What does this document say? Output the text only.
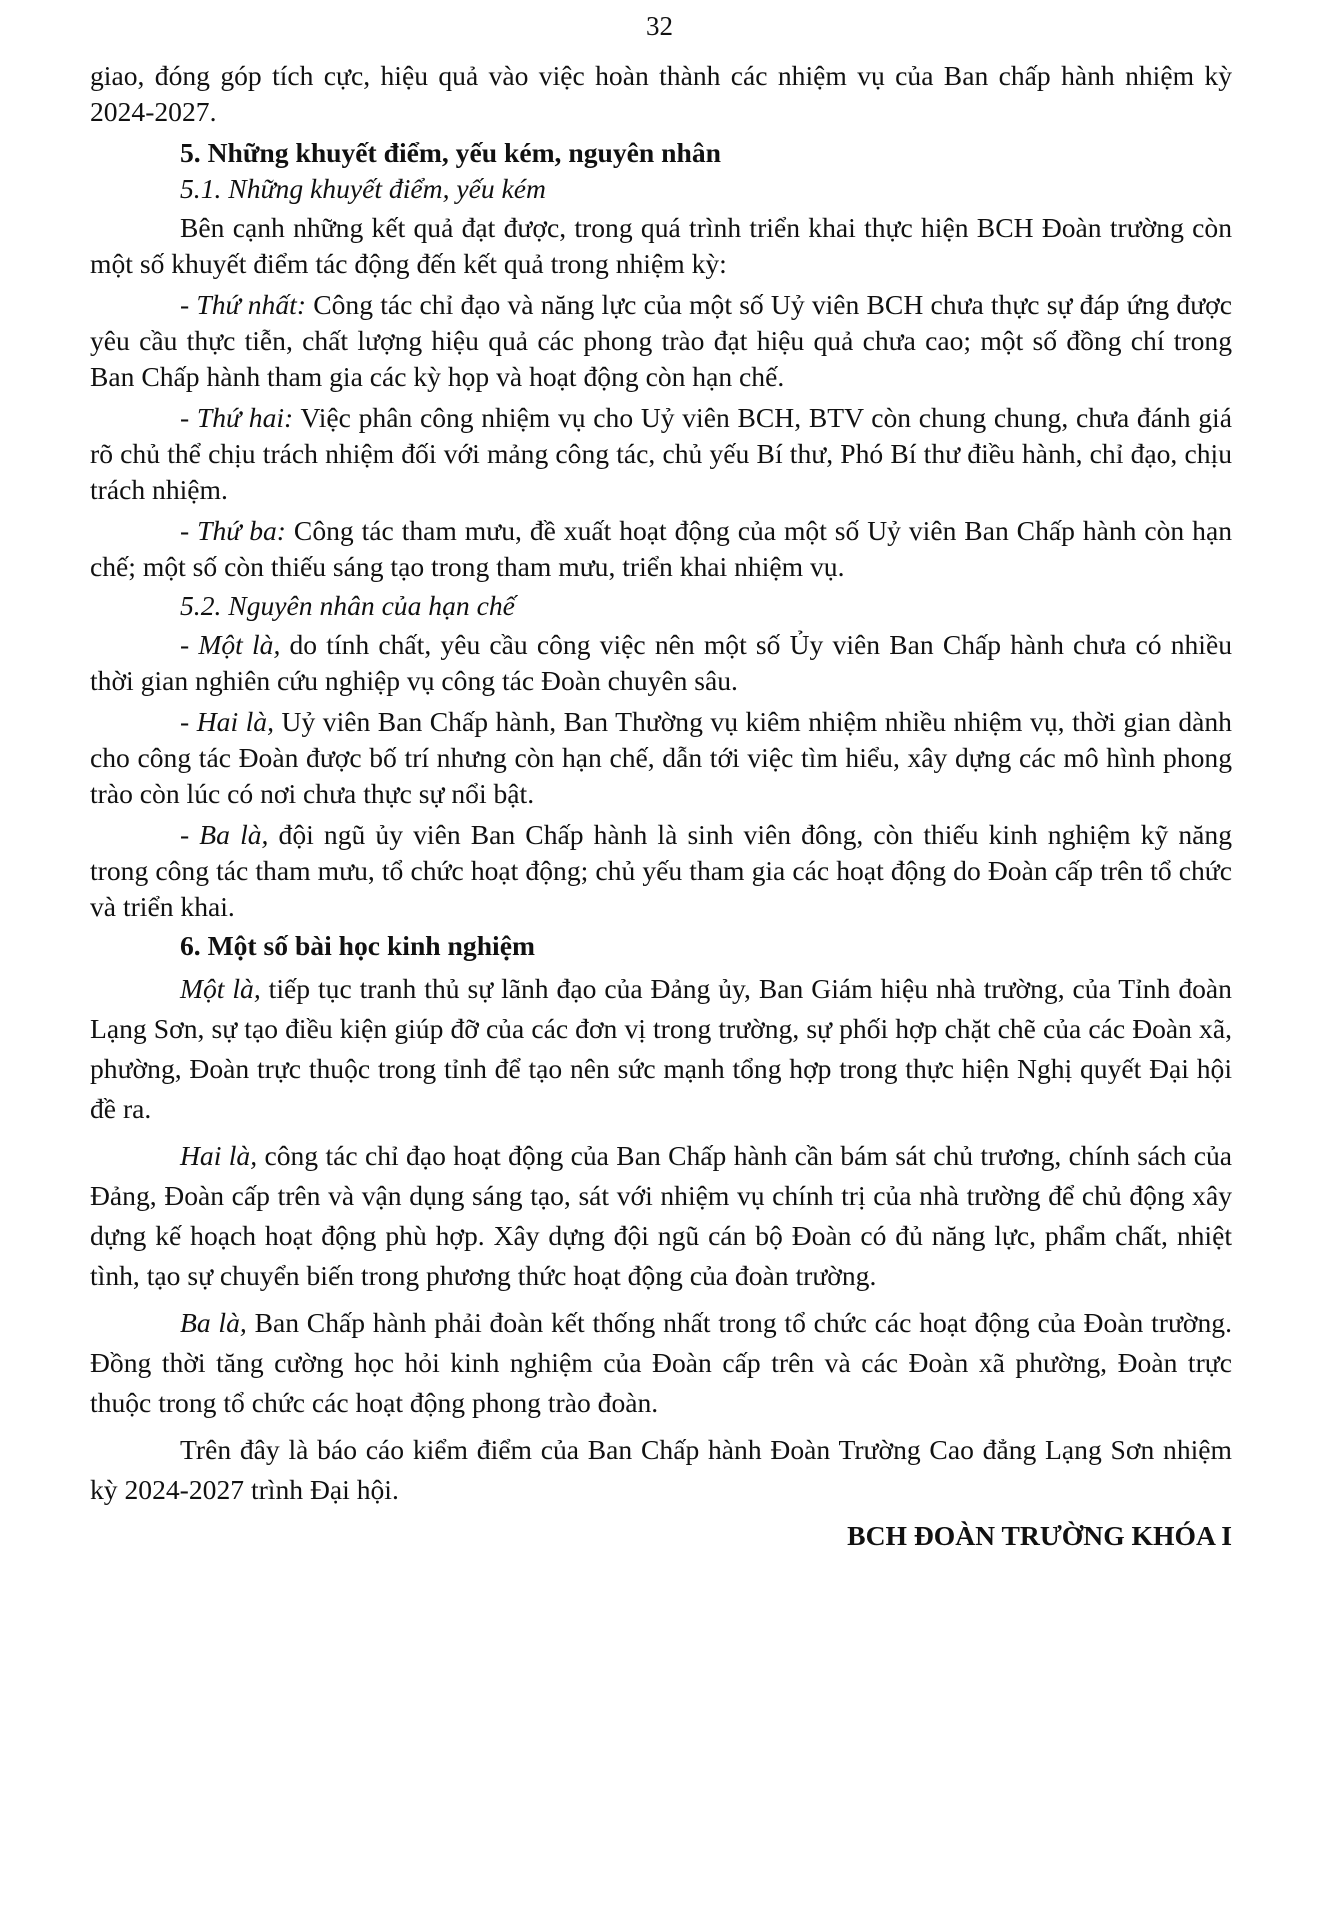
32

giao, đóng góp tích cực, hiệu quả vào việc hoàn thành các nhiệm vụ của Ban chấp hành nhiệm kỳ 2024-2027.

5. Những khuyết điểm, yếu kém, nguyên nhân

5.1. Những khuyết điểm, yếu kém

Bên cạnh những kết quả đạt được, trong quá trình triển khai thực hiện BCH Đoàn trường còn một số khuyết điểm tác động đến kết quả trong nhiệm kỳ:

- Thứ nhất: Công tác chỉ đạo và năng lực của một số Uỷ viên BCH chưa thực sự đáp ứng được yêu cầu thực tiễn, chất lượng hiệu quả các phong trào đạt hiệu quả chưa cao; một số đồng chí trong Ban Chấp hành tham gia các kỳ họp và hoạt động còn hạn chế.

- Thứ hai: Việc phân công nhiệm vụ cho Uỷ viên BCH, BTV còn chung chung, chưa đánh giá rõ chủ thể chịu trách nhiệm đối với mảng công tác, chủ yếu Bí thư, Phó Bí thư điều hành, chỉ đạo, chịu trách nhiệm.

- Thứ ba: Công tác tham mưu, đề xuất hoạt động của một số Uỷ viên Ban Chấp hành còn hạn chế; một số còn thiếu sáng tạo trong tham mưu, triển khai nhiệm vụ.

5.2. Nguyên nhân của hạn chế

- Một là, do tính chất, yêu cầu công việc nên một số Ủy viên Ban Chấp hành chưa có nhiều thời gian nghiên cứu nghiệp vụ công tác Đoàn chuyên sâu.

- Hai là, Uỷ viên Ban Chấp hành, Ban Thường vụ kiêm nhiệm nhiều nhiệm vụ, thời gian dành cho công tác Đoàn được bố trí nhưng còn hạn chế, dẫn tới việc tìm hiểu, xây dựng các mô hình phong trào còn lúc có nơi chưa thực sự nổi bật.

- Ba là, đội ngũ ủy viên Ban Chấp hành là sinh viên đông, còn thiếu kinh nghiệm kỹ năng trong công tác tham mưu, tổ chức hoạt động; chủ yếu tham gia các hoạt động do Đoàn cấp trên tổ chức và triển khai.

6. Một số bài học kinh nghiệm

Một là, tiếp tục tranh thủ sự lãnh đạo của Đảng ủy, Ban Giám hiệu nhà trường, của Tỉnh đoàn Lạng Sơn, sự tạo điều kiện giúp đỡ của các đơn vị trong trường, sự phối hợp chặt chẽ của các Đoàn xã, phường, Đoàn trực thuộc trong tỉnh để tạo nên sức mạnh tổng hợp trong thực hiện Nghị quyết Đại hội đề ra.

Hai là, công tác chỉ đạo hoạt động của Ban Chấp hành cần bám sát chủ trương, chính sách của Đảng, Đoàn cấp trên và vận dụng sáng tạo, sát với nhiệm vụ chính trị của nhà trường để chủ động xây dựng kế hoạch hoạt động phù hợp. Xây dựng đội ngũ cán bộ Đoàn có đủ năng lực, phẩm chất, nhiệt tình, tạo sự chuyển biến trong phương thức hoạt động của đoàn trường.

Ba là, Ban Chấp hành phải đoàn kết thống nhất trong tổ chức các hoạt động của Đoàn trường. Đồng thời tăng cường học hỏi kinh nghiệm của Đoàn cấp trên và các Đoàn xã phường, Đoàn trực thuộc trong tổ chức các hoạt động phong trào đoàn.

Trên đây là báo cáo kiểm điểm của Ban Chấp hành Đoàn Trường Cao đẳng Lạng Sơn nhiệm kỳ 2024-2027 trình Đại hội.

BCH ĐOÀN TRƯỜNG KHÓA I
